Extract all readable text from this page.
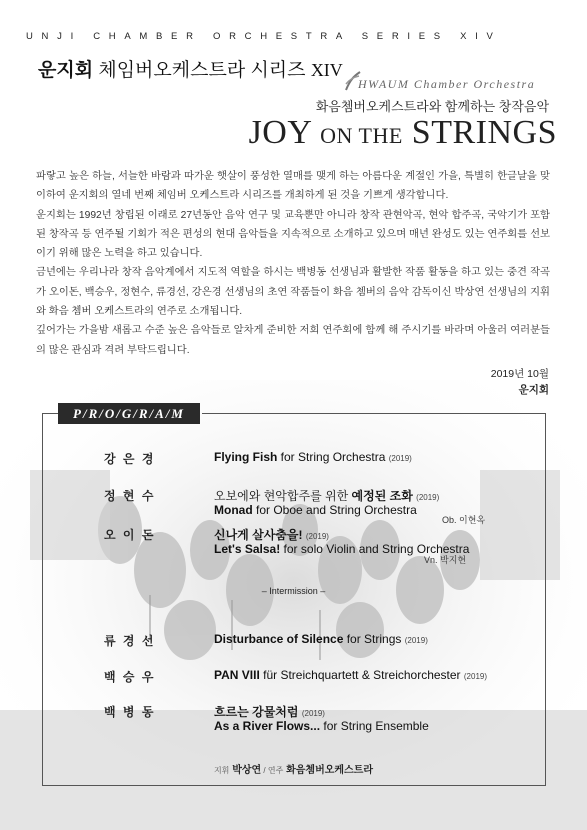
UNJI CHAMBER ORCHESTRA SERIES XIV
운지회 체임버오케스트라 시리즈 XIV
HWAUM Chamber Orchestra
화음쳄버오케스트라와 함께하는 창작음악
JOY ON THE STRINGS

파랗고 높은 하늘, 서늘한 바람과 따가운 햇살이 풍성한 열매를 맺게 하는 아름다운 계절인 가을, 특별히 한글날을 맞이하여 운지회의 열네 번째 체임버 오케스트라 시리즈를 개최하게 된 것을 기쁘게 생각합니다.

운지회는 1992년 창립된 이래로 27년동안 음악 연구 및 교육뿐만 아니라 창작 관현악곡, 현악 합주곡, 국악기가 포함된 창작곡 등 연주될 기회가 적은 편성의 현대 음악들을 지속적으로 소개하고 있으며 매년 완성도 있는 연주회를 선보이기 위해 많은 노력을 하고 있습니다.

금년에는 우리나라 창작 음악계에서 지도적 역할을 하시는 백병동 선생님과 활발한 작품 활동을 하고 있는 중견 작곡가 오이돈, 백승우, 정현수, 류경선, 강은경 선생님의 초연 작품들이 화음 쳄버의 음악 감독이신 박상연 선생님의 지휘와 화음 쳄버 오케스트라의 연주로 소개됩니다.

깊어가는 가을밤 새롭고 수준 높은 음악들로 알차게 준비한 저희 연주회에 함께 해 주시기를 바라며 아울러 여러분들의 많은 관심과 격려 부탁드립니다.

2019년 10월
P/R/O/G/R/A/M
강 은 경	Flying Fish for String Orchestra (2019)
정 현 수	오보에와 현악합주를 위한 예정된 조화 (2019)
Monad for Oboe and String Orchestra
Ob. 이현옥
오 이 돈	신나게 살사춤을! (2019)
Let's Salsa! for solo Violin and String Orchestra
Vn. 박지현
– Intermission –
류 경 선	Disturbance of Silence for Strings (2019)
백 승 우	PAN VIII für Streichquartett & Streichorchester (2019)
백 병 동	흐르는 강물처럼 (2019)
As a River Flows... for String Ensemble
지휘 박상연 / 연주 화음쳄버오케스트라
